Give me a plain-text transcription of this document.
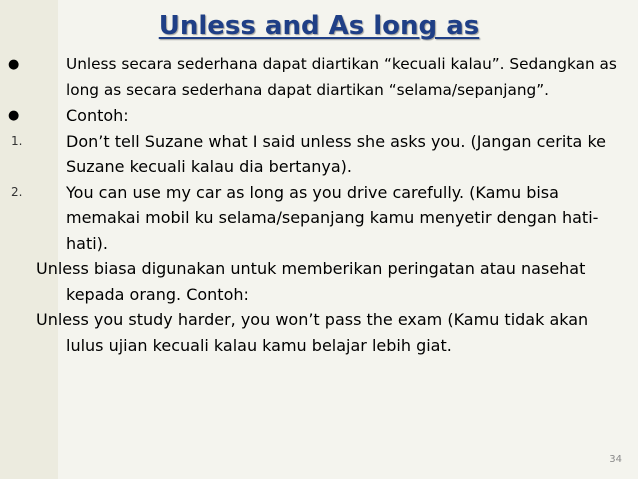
Unless and As long as
●	Unless secara sederhana dapat diartikan “kecuali kalau”. Sedangkan as long as secara sederhana dapat diartikan “selama/sepanjang”.
●	Contoh:
1.	Don’t tell Suzane what I said unless she asks you. (Jangan cerita ke Suzane kecuali kalau dia bertanya).
2.	You can use my car as long as you drive carefully. (Kamu bisa memakai mobil ku selama/sepanjang kamu menyetir dengan hati-hati).
Unless biasa digunakan untuk memberikan peringatan atau nasehat kepada orang. Contoh:
Unless you study harder, you won’t pass the exam (Kamu tidak akan lulus ujian kecuali kalau kamu belajar lebih giat.
34
